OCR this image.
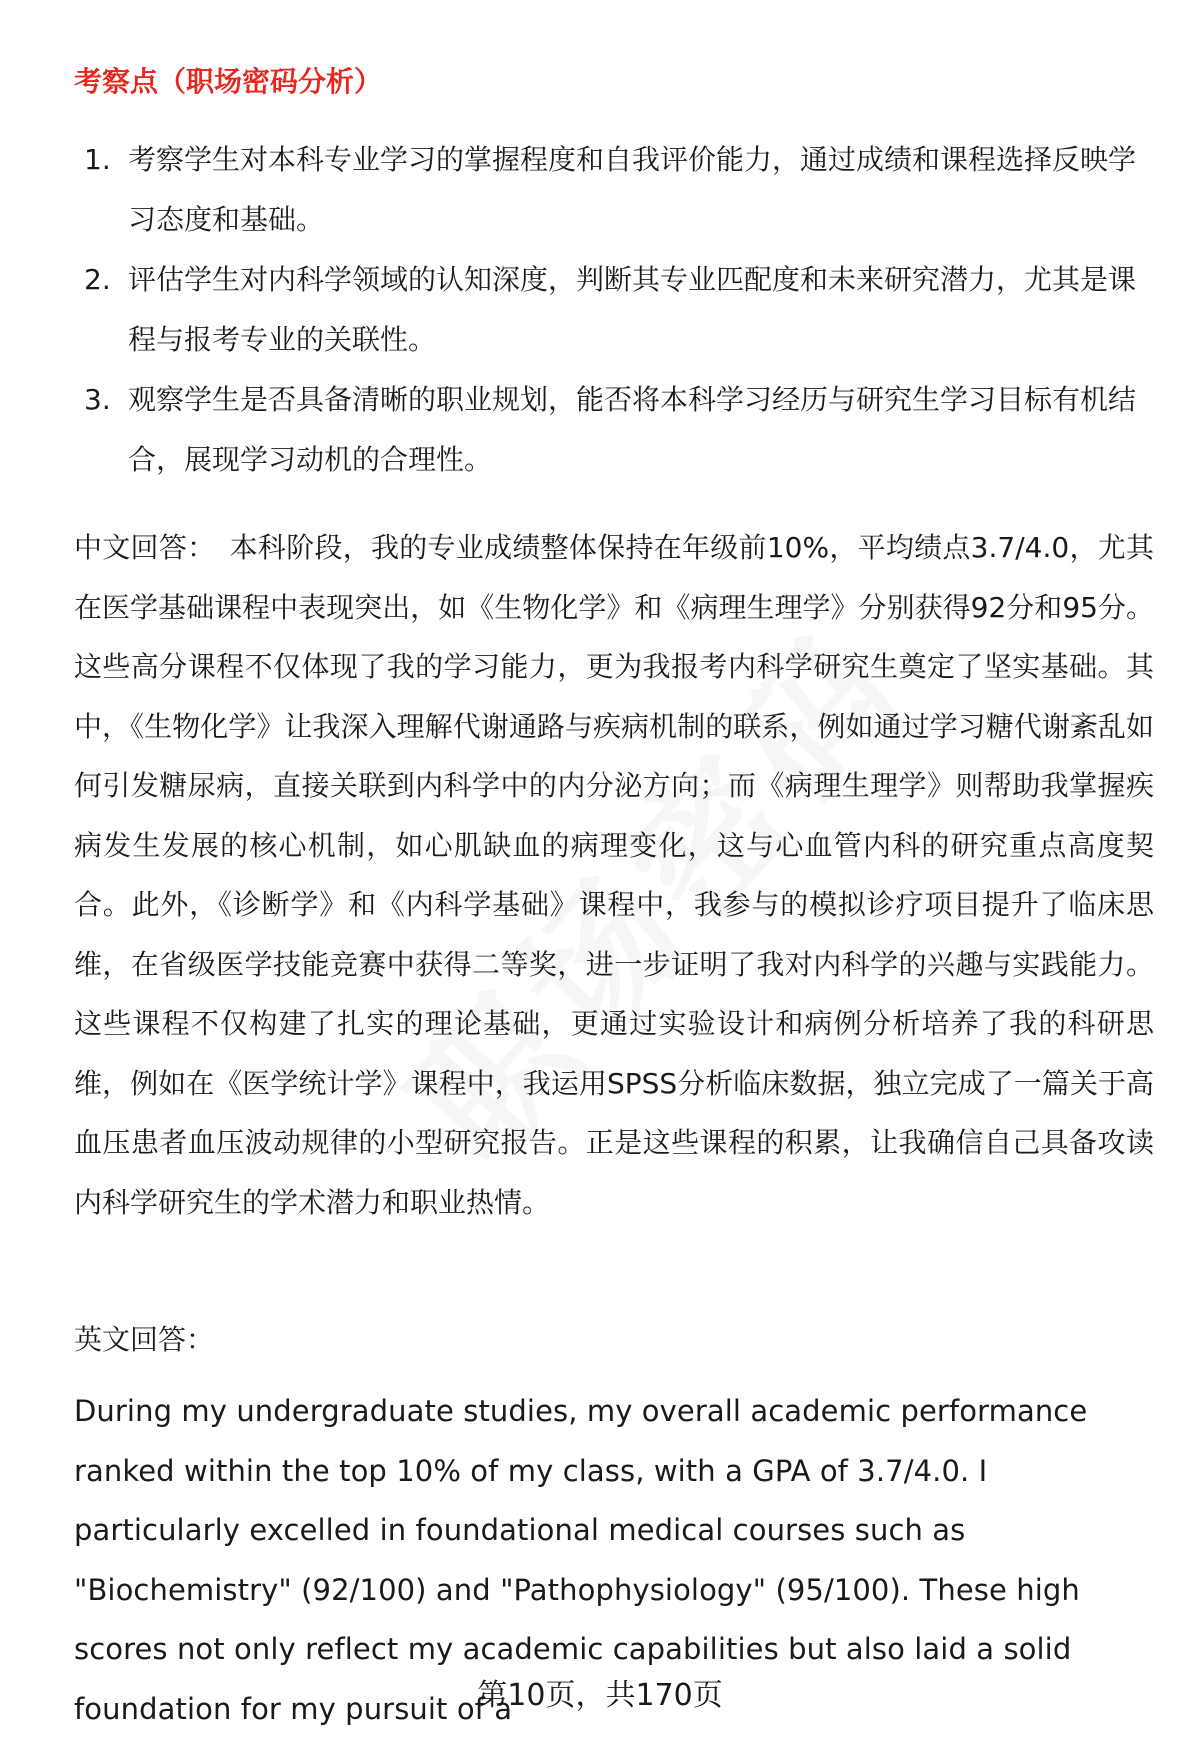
考察点（职场密码分析）
1. 考察学生对本科专业学习的掌握程度和自我评价能力，通过成绩和课程选择反映学习态度和基础。
2. 评估学生对内科学领域的认知深度，判断其专业匹配度和未来研究潜力，尤其是课程与报考专业的关联性。
3. 观察学生是否具备清晰的职业规划，能否将本科学习经历与研究生学习目标有机结合，展现学习动机的合理性。
中文回答： 本科阶段，我的专业成绩整体保持在年级前10%，平均绩点3.7/4.0，尤其在医学基础课程中表现突出，如《生物化学》和《病理生理学》分别获得92分和95分。这些高分课程不仅体现了我的学习能力，更为我报考内科学研究生奠定了坚实基础。其中，《生物化学》让我深入理解代谢通路与疾病机制的联系，例如通过学习糖代谢紊乱如何引发糖尿病，直接关联到内科学中的内分泌方向；而《病理生理学》则帮助我掌握疾病发生发展的核心机制，如心肌缺血的病理变化，这与心血管内科的研究重点高度契合。此外，《诊断学》和《内科学基础》课程中，我参与的模拟诊疗项目提升了临床思维，在省级医学技能竞赛中获得二等奖，进一步证明了我对内科学的兴趣与实践能力。这些课程不仅构建了扎实的理论基础，更通过实验设计和病例分析培养了我的科研思维，例如在《医学统计学》课程中，我运用SPSS分析临床数据，独立完成了一篇关于高血压患者血压波动规律的小型研究报告。正是这些课程的积累，让我确信自己具备攻读内科学研究生的学术潜力和职业热情。
英文回答：
During my undergraduate studies, my overall academic performance ranked within the top 10% of my class, with a GPA of 3.7/4.0. I particularly excelled in foundational medical courses such as "Biochemistry" (92/100) and "Pathophysiology" (95/100). These high scores not only reflect my academic capabilities but also laid a solid foundation for my pursuit of a
第10页，共170页
